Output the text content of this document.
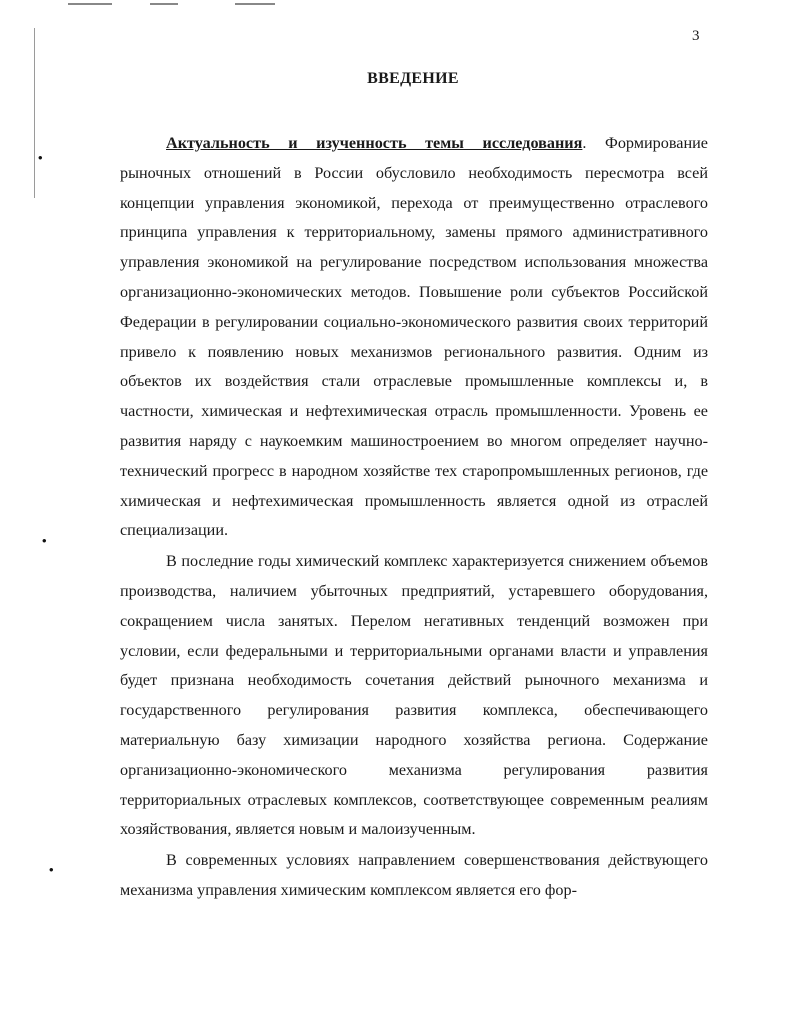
•
•
•
3
ВВЕДЕНИЕ

Актуальность и изученность темы исследования. Формирование рыночных отношений в России обусловило необходимость пересмотра всей концепции управления экономикой, перехода от преимущественно отраслевого принципа управления к территориальному, замены прямого административного управления экономикой на регулирование посредством использования множества организационно-экономических методов. Повышение роли субъектов Российской Федерации в регулировании социально-экономического развития своих территорий привело к появлению новых механизмов регионального развития. Одним из объектов их воздействия стали отраслевые промышленные комплексы и, в частности, химическая и нефтехимическая отрасль промышленности. Уровень ее развития наряду с наукоемким машиностроением во многом определяет научно-технический прогресс в народном хозяйстве тех старопромышленных регионов, где химическая и нефтехимическая промышленность является одной из отраслей специализации.

В последние годы химический комплекс характеризуется снижением объемов производства, наличием убыточных предприятий, устаревшего оборудования, сокращением числа занятых. Перелом негативных тенденций возможен при условии, если федеральными и территориальными органами власти и управления будет признана необходимость сочетания действий рыночного механизма и государственного регулирования развития комплекса, обеспечивающего материальную базу химизации народного хозяйства региона. Содержание организационно-экономического механизма регулирования развития территориальных отраслевых комплексов, соответствующее современным реалиям хозяйствования, является новым и малоизученным.

В современных условиях направлением совершенствования действующего механизма управления химическим комплексом является его фор-
